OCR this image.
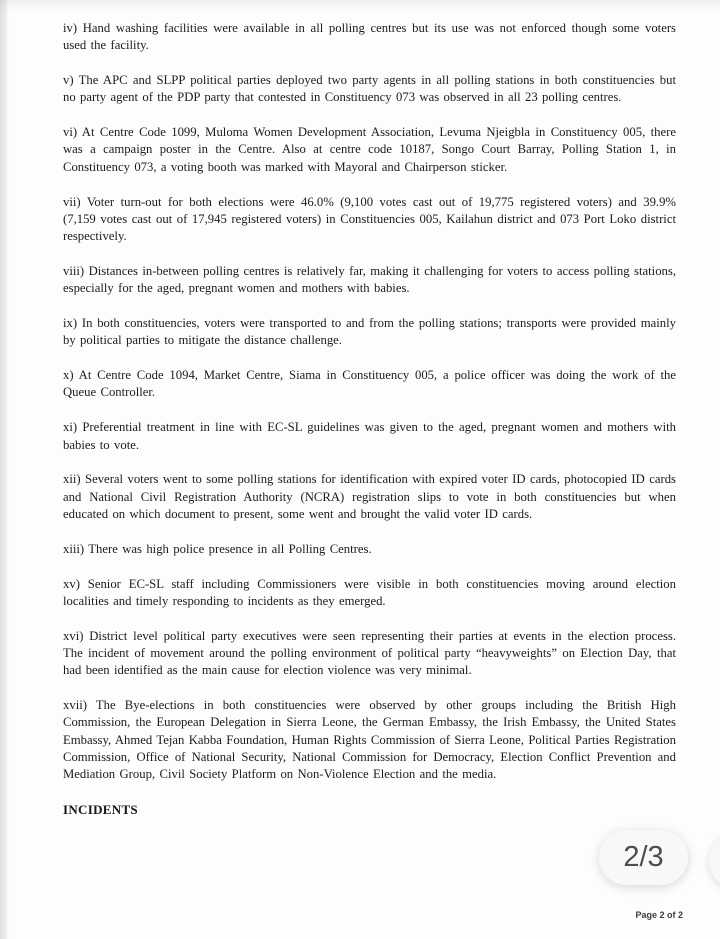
iv) Hand washing facilities were available in all polling centres but its use was not enforced though some voters used the facility.

v) The APC and SLPP political parties deployed two party agents in all polling stations in both constituencies but no party agent of the PDP party that contested in Constituency 073 was observed in all 23 polling centres.

vi) At Centre Code 1099, Muloma Women Development Association, Levuma Njeigbla in Constituency 005, there was a campaign poster in the Centre. Also at centre code 10187, Songo Court Barray, Polling Station 1, in Constituency 073, a voting booth was marked with Mayoral and Chairperson sticker.

vii) Voter turn-out for both elections were 46.0% (9,100 votes cast out of 19,775 registered voters) and 39.9% (7,159 votes cast out of 17,945 registered voters) in Constituencies 005, Kailahun district and 073 Port Loko district respectively.

viii) Distances in-between polling centres is relatively far, making it challenging for voters to access polling stations, especially for the aged, pregnant women and mothers with babies.

ix) In both constituencies, voters were transported to and from the polling stations; transports were provided mainly by political parties to mitigate the distance challenge.

x) At Centre Code 1094, Market Centre, Siama in Constituency 005, a police officer was doing the work of the Queue Controller.

xi) Preferential treatment in line with EC-SL guidelines was given to the aged, pregnant women and mothers with babies to vote.

xii) Several voters went to some polling stations for identification with expired voter ID cards, photocopied ID cards and National Civil Registration Authority (NCRA) registration slips to vote in both constituencies but when educated on which document to present, some went and brought the valid voter ID cards.

xiii) There was high police presence in all Polling Centres.

xv) Senior EC-SL staff including Commissioners were visible in both constituencies moving around election localities and timely responding to incidents as they emerged.

xvi) District level political party executives were seen representing their parties at events in the election process. The incident of movement around the polling environment of political party “heavyweights” on Election Day, that had been identified as the main cause for election violence was very minimal.

xvii) The Bye-elections in both constituencies were observed by other groups including the British High Commission, the European Delegation in Sierra Leone, the German Embassy, the Irish Embassy, the United States Embassy, Ahmed Tejan Kabba Foundation, Human Rights Commission of Sierra Leone, Political Parties Registration Commission, Office of National Security, National Commission for Democracy, Election Conflict Prevention and Mediation Group, Civil Society Platform on Non-Violence Election and the media.

INCIDENTS
2/3
Page 2 of 2
